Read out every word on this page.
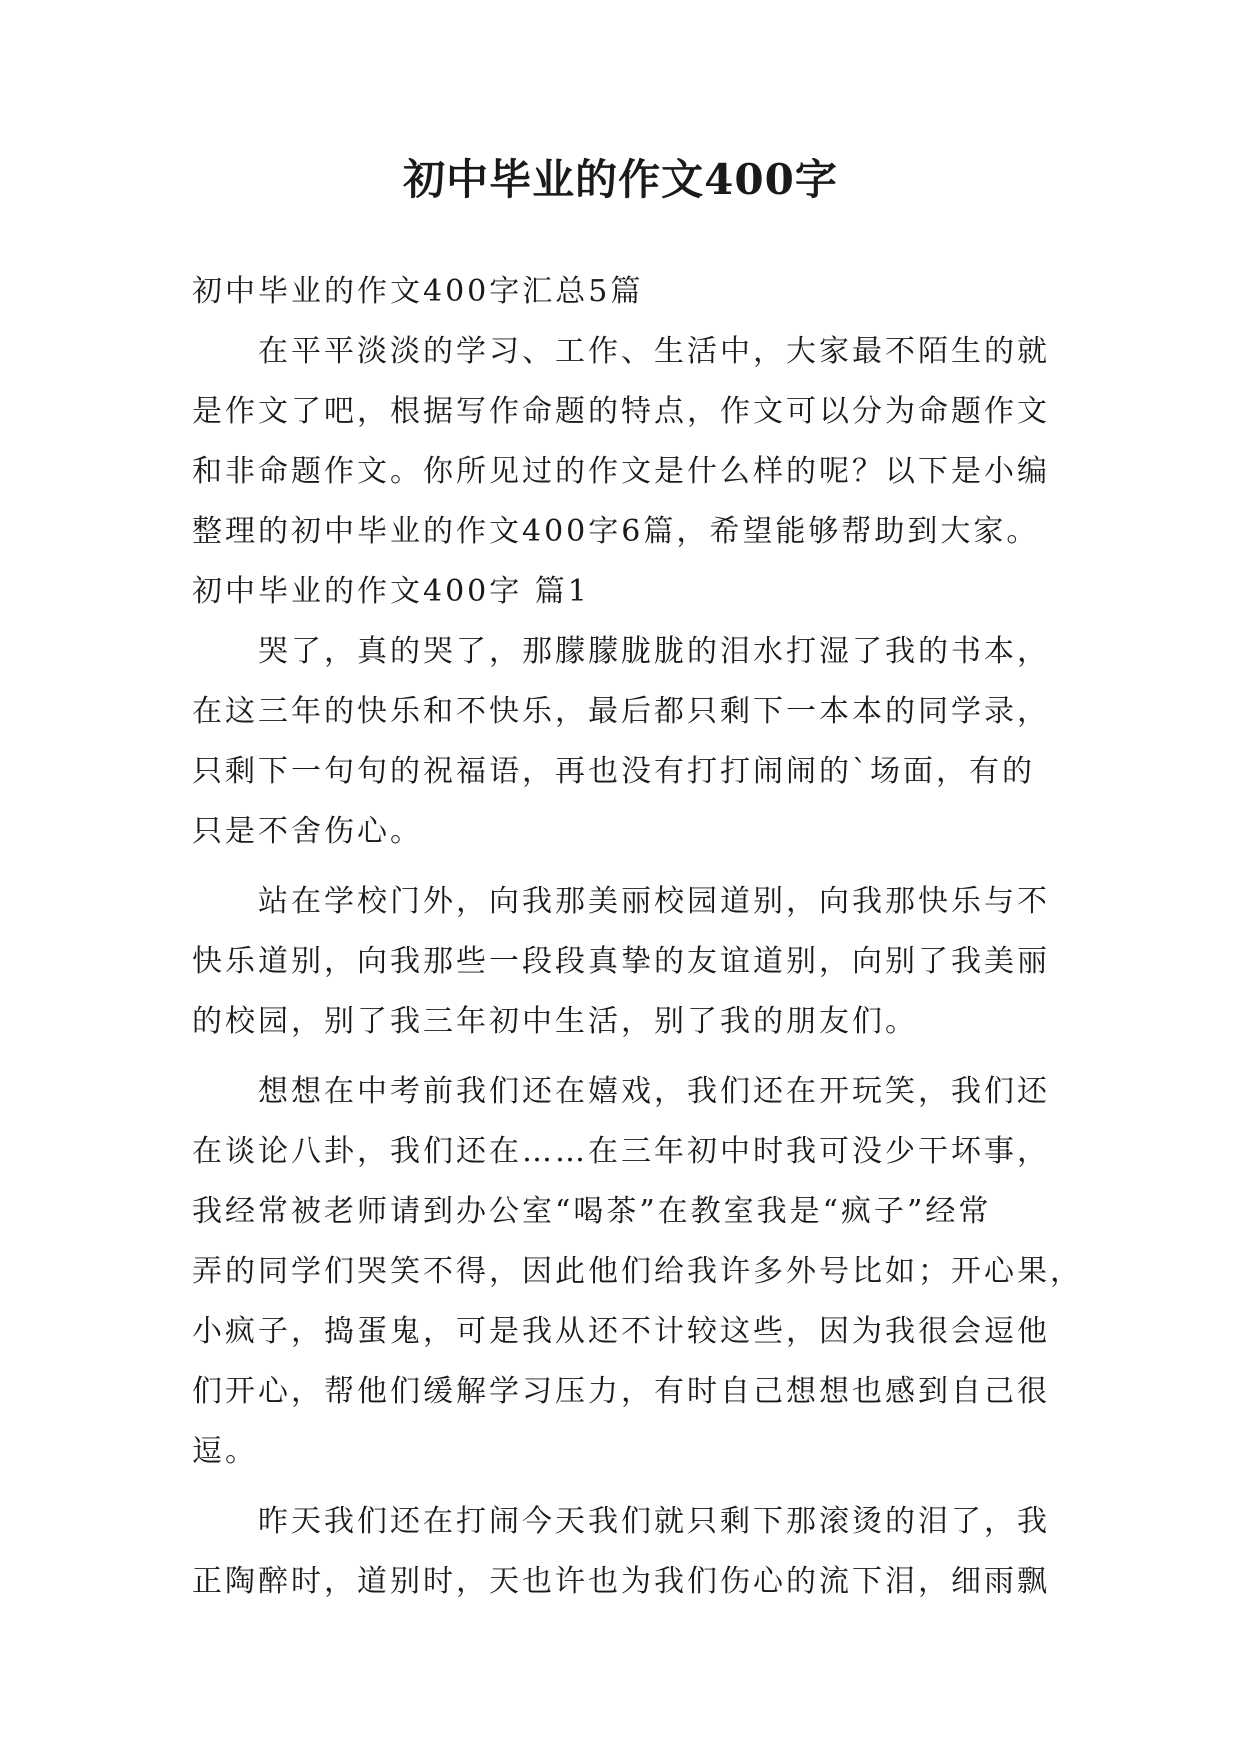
初中毕业的作文400字

初中毕业的作文400字汇总5篇

　　在平平淡淡的学习、工作、生活中，大家最不陌生的就

是作文了吧，根据写作命题的特点，作文可以分为命题作文

和非命题作文。你所见过的作文是什么样的呢？以下是小编

整理的初中毕业的作文400字6篇，希望能够帮助到大家。

初中毕业的作文400字 篇1

　　哭了，真的哭了，那朦朦胧胧的泪水打湿了我的书本，

在这三年的快乐和不快乐，最后都只剩下一本本的同学录，

只剩下一句句的祝福语，再也没有打打闹闹的`场面，有的

只是不舍伤心。

　　站在学校门外，向我那美丽校园道别，向我那快乐与不

快乐道别，向我那些一段段真挚的友谊道别，向别了我美丽

的校园，别了我三年初中生活，别了我的朋友们。

　　想想在中考前我们还在嬉戏，我们还在开玩笑，我们还

在谈论八卦，我们还在……在三年初中时我可没少干坏事，

我经常被老师请到办公室“喝茶”在教室我是“疯子”经常

弄的同学们哭笑不得，因此他们给我许多外号比如；开心果，

小疯子，捣蛋鬼，可是我从还不计较这些，因为我很会逗他

们开心，帮他们缓解学习压力，有时自己想想也感到自己很

逗。

　　昨天我们还在打闹今天我们就只剩下那滚烫的泪了，我

正陶醉时，道别时，天也许也为我们伤心的流下泪，细雨飘
